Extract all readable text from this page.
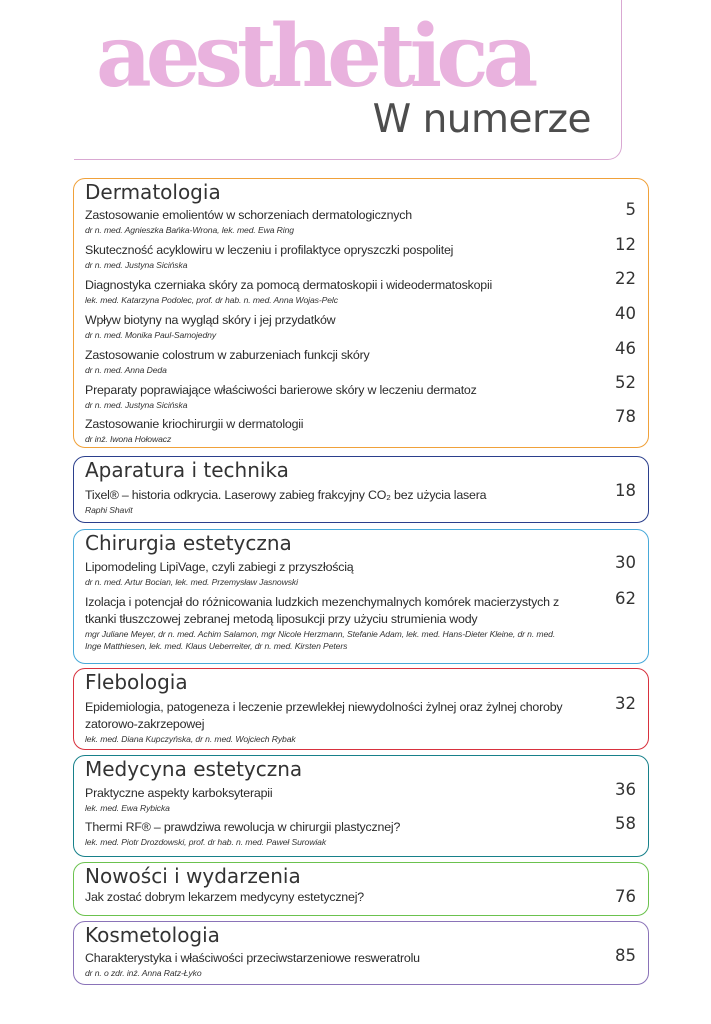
aesthetica
W numerze
Dermatologia
Zastosowanie emolientów w schorzeniach dermatologicznych
dr n. med. Agnieszka Bańka-Wrona, lek. med. Ewa Ring
5
Skuteczność acyklowiru w leczeniu i profilaktyce opryszczki pospolitej
dr n. med. Justyna Sicińska
12
Diagnostyka czerniaka skóry za pomocą dermatoskopii i wideodermatoskopii
lek. med. Katarzyna Podolec, prof. dr hab. n. med. Anna Wojas-Pelc
22
Wpływ biotyny na wygląd skóry i jej przydatków
dr n. med. Monika Paul-Samojedny
40
Zastosowanie colostrum w zaburzeniach funkcji skóry
dr n. med. Anna Deda
46
Preparaty poprawiające właściwości barierowe skóry w leczeniu dermatoz
dr n. med. Justyna Sicińska
52
Zastosowanie kriochirurgii w dermatologii
dr inż. Iwona Hołowacz
78
Aparatura i technika
Tixel® – historia odkrycia. Laserowy zabieg frakcyjny CO₂ bez użycia lasera
Raphi Shavit
18
Chirurgia estetyczna
Lipomodeling LipiVage, czyli zabiegi z przyszłością
dr n. med. Artur Bocian, lek. med. Przemysław Jasnowski
30
Izolacja i potencjał do różnicowania ludzkich mezenchymalnych komórek macierzystych z tkanki tłuszczowej zebranej metodą liposukcji przy użyciu strumienia wody
mgr Juliane Meyer, dr n. med. Achim Salamon, mgr Nicole Herzmann, Stefanie Adam, lek. med. Hans-Dieter Kleine, dr n. med. Inge Matthiesen, lek. med. Klaus Ueberreiter, dr n. med. Kirsten Peters
62
Flebologia
Epidemiologia, patogeneza i leczenie przewlekłej niewydolności żylnej oraz żylnej choroby zatorowo-zakrzepowej
lek. med. Diana Kupczyńska, dr n. med. Wojciech Rybak
32
Medycyna estetyczna
Praktyczne aspekty karboksyterapii
lek. med. Ewa Rybicka
36
Thermi RF® – prawdziwa rewolucja w chirurgii plastycznej?
lek. med. Piotr Drozdowski, prof. dr hab. n. med. Paweł Surowiak
58
Nowości i wydarzenia
Jak zostać dobrym lekarzem medycyny estetycznej?	76
Kosmetologia
Charakterystyka i właściwości przeciwstarzeniowe resweratrolu
dr n. o zdr. inż. Anna Ratz-Łyko
85
